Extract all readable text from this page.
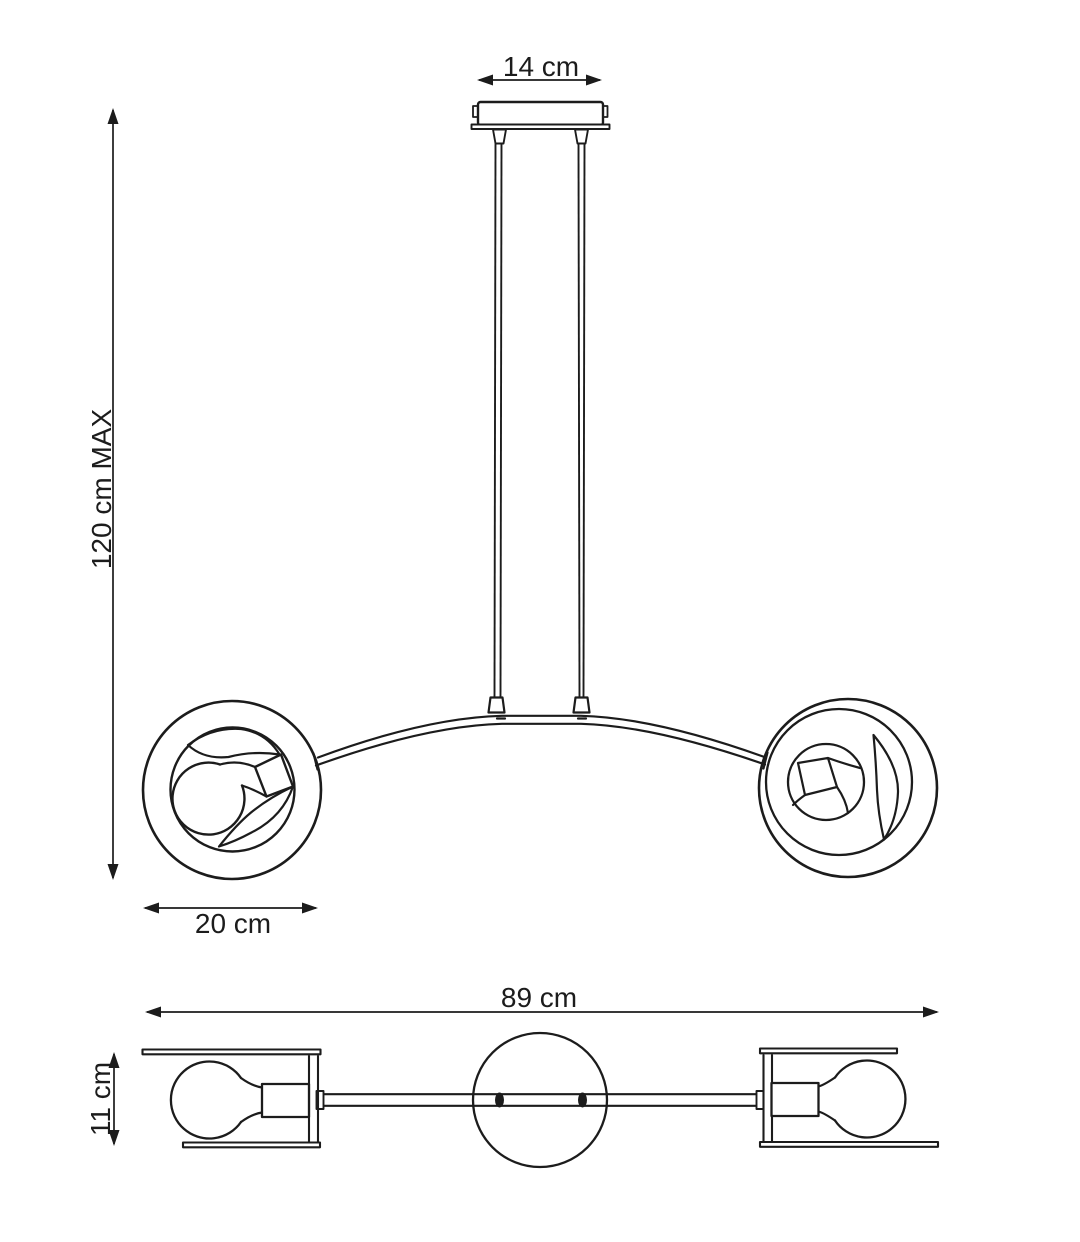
14 cm
120 cm MAX
20 cm
89 cm
11 cm
